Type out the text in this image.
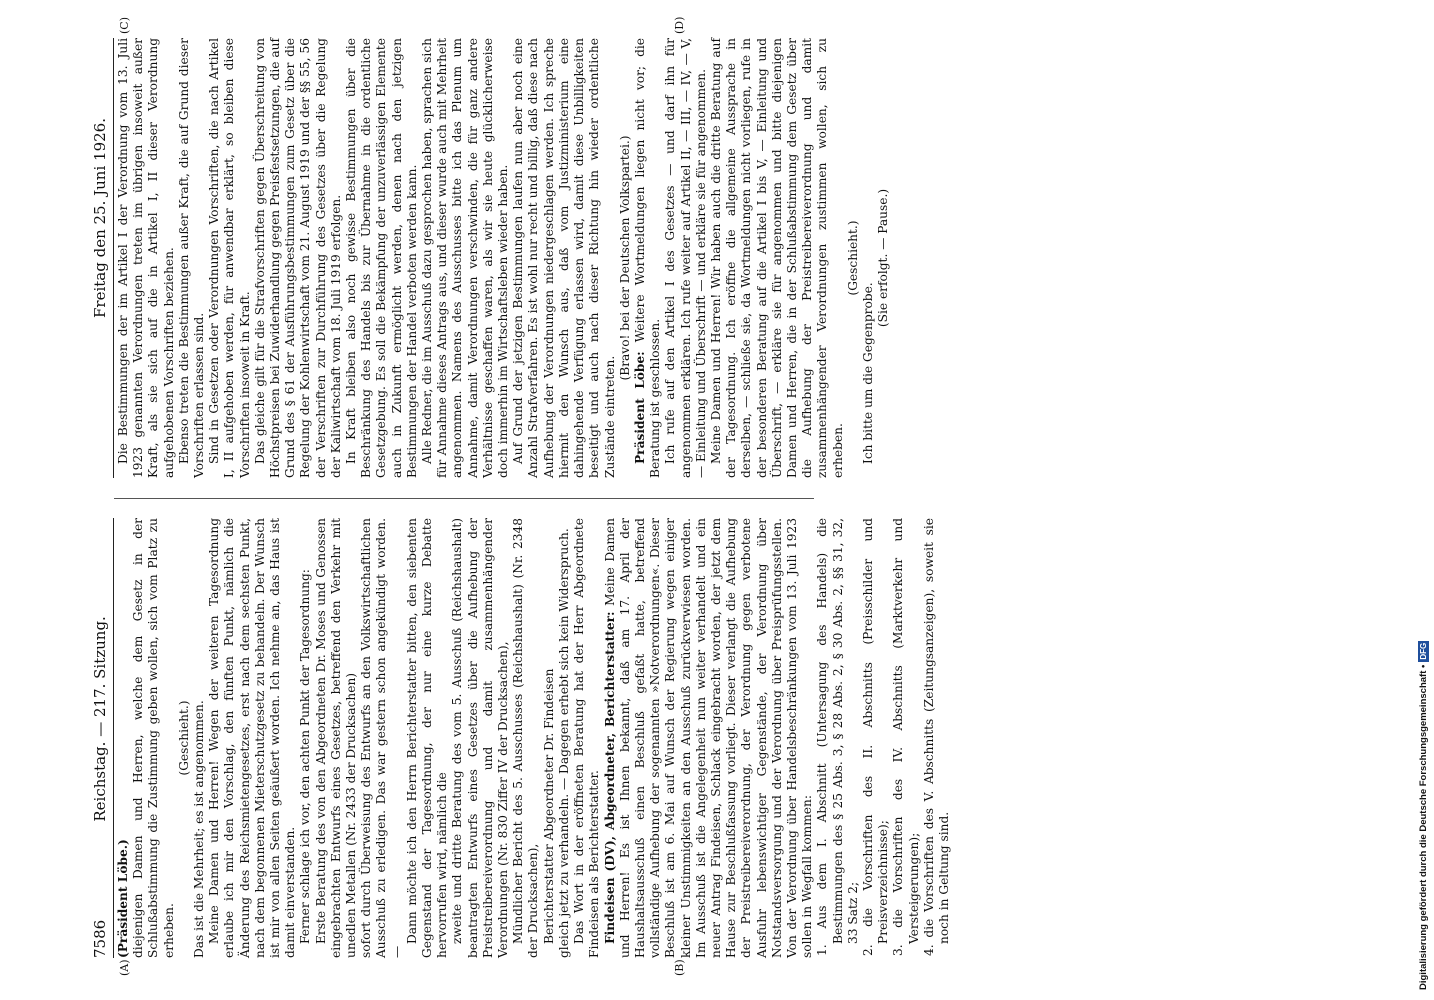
7586
Reichstag. — 217. Sitzung.
Freitag den 25. Juni 1926.
(A)	(B)
(C)	(D)

(Präsident Löbe.) diejenigen Damen und Herren, welche dem Gesetz in der Schlußabstimmung die Zustimmung geben wollen, sich vom Platz zu erheben.

(Geschieht.) Das ist die Mehrheit; es ist angenommen. Meine Damen und Herren! Wegen der weiteren Tagesordnung erlaube ich mir den Vorschlag, den fünften Punkt, nämlich die Änderung des Reichsmietengesetzes, erst nach dem sechsten Punkt, nach dem begonnenen Mieterschutzgesetz zu behandeln. Der Wunsch ist mir von allen Seiten geäußert worden. Ich nehme an, das Haus ist damit einverstanden. Ferner schlage ich vor, den achten Punkt der Tagesordnung: Erste Beratung des von den Abgeordneten Dr. Moses und Genossen eingebrachten Entwurfs eines Gesetzes, betreffend den Verkehr mit unedlen Metallen (Nr. 2433 der Drucksachen) sofort durch Überweisung des Entwurfs an den Volkswirtschaftlichen Ausschuß zu erledigen. Das war gestern schon angekündigt worden. —

Dann möchte ich den Herrn Berichterstatter bitten, den siebenten Gegenstand der Tagesordnung, der nur eine kurze Debatte hervorrufen wird, nämlich die zweite und dritte Beratung des vom 5. Ausschuß (Reichshaushalt) beantragten Entwurfs eines Gesetzes über die Aufhebung der Preistreibereiverordnung und damit zusammenhängender Verordnungen (Nr. 830 Ziffer IV der Drucksachen), Mündlicher Bericht des 5. Ausschusses (Reichshaushalt) (Nr. 2348 der Drucksachen), Berichterstatter Abgeordneter Dr. Findeisen gleich jetzt zu verhandeln. — Dagegen erhebt sich kein Widerspruch. Das Wort in der eröffneten Beratung hat der Herr Abgeordnete Findeisen als Berichterstatter. Findeisen (DV), Abgeordneter, Berichterstatter: Meine Damen und Herren! Es ist Ihnen bekannt, daß am 17. April der Haushaltsausschuß einen Beschluß gefaßt hatte, betreffend vollständige Aufhebung der sogenannten »Notverordnungen«. Dieser Beschluß ist am 6. Mai auf Wunsch der Regierung wegen einiger kleiner Unstimmigkeiten an den Ausschuß zurückverwiesen worden. Im Ausschuß ist die Angelegenheit nun weiter verhandelt und ein neuer Antrag Findeisen, Schlack eingebracht worden, der jetzt dem Hause zur Beschlußfassung vorliegt. Dieser verlangt die Aufhebung der Preistreibereiverordnung, der Verordnung gegen verbotene Ausfuhr lebenswichtiger Gegenstände, der Verordnung über Notstandsversorgung und der Verordnung über Preisprüfungsstellen. Von der Verordnung über Handelsbeschränkungen vom 13. Juli 1923 sollen in Wegfall kommen: 1. Aus dem I. Abschnitt (Untersagung des Handels) die Bestimmungen des § 25 Abs. 3, § 28 Abs. 2, § 30 Abs. 2, §§ 31, 32, 33 Satz 2; 2. die Vorschriften des II. Abschnitts (Preisschilder und Preisverzeichnisse); 3. die Vorschriften des IV. Abschnitts (Marktverkehr und Versteigerungen); 4. die Vorschriften des V. Abschnitts (Zeitungsanzeigen), soweit sie noch in Geltung sind.

Die Bestimmungen der im Artikel I der Verordnung vom 13. Juli 1923 genannten Verordnungen treten im übrigen insoweit außer Kraft, als sie sich auf die in Artikel I, II dieser Verordnung aufgehobenen Vorschriften beziehen. Ebenso treten die Bestimmungen außer Kraft, die auf Grund dieser Vorschriften erlassen sind. Sind in Gesetzen oder Verordnungen Vorschriften, die nach Artikel I, II aufgehoben werden, für anwendbar erklärt, so bleiben diese Vorschriften insoweit in Kraft. Das gleiche gilt für die Strafvorschriften gegen Überschreitung von Höchstpreisen bei Zuwiderhandlung gegen Preisfestsetzungen, die auf Grund des § 61 der Ausführungsbestimmungen zum Gesetz über die Regelung der Kohlenwirtschaft vom 21. August 1919 und der §§ 55, 56 der Verschriften zur Durchführung des Gesetzes über die Regelung der Kaliwirtschaft vom 18. Juli 1919 erfolgen. In Kraft bleiben also noch gewisse Bestimmungen über die Beschränkung des Handels bis zur Übernahme in die ordentliche Gesetzgebung. Es soll die Bekämpfung der unzuverlässigen Elemente auch in Zukunft ermöglicht werden, denen nach den jetzigen Bestimmungen der Handel verboten werden kann. Alle Redner, die im Ausschuß dazu gesprochen haben, sprachen sich für Annahme dieses Antrags aus, und dieser wurde auch mit Mehrheit angenommen. Namens des Ausschusses bitte ich das Plenum um Annahme, damit Verordnungen verschwinden, die für ganz andere Verhältnisse geschaffen waren, als wir sie heute glücklicherweise doch immerhin im Wirtschaftsleben wieder haben. Auf Grund der jetzigen Bestimmungen laufen nun aber noch eine Anzahl Strafverfahren. Es ist wohl nur recht und billig, daß diese nach Aufhebung der Verordnungen niedergeschlagen werden. Ich spreche hiermit den Wunsch aus, daß vom Justizministerium eine dahingehende Verfügung erlassen wird, damit diese Unbilligkeiten beseitigt und auch nach dieser Richtung hin wieder ordentliche Zustände eintreten.

(Bravo! bei der Deutschen Volkspartei.)

Präsident Löbe: Weitere Wortmeldungen liegen nicht vor; die Beratung ist geschlossen. Ich rufe auf den Artikel I des Gesetzes — und darf ihn für angenommen erklären. Ich rufe weiter auf Artikel II, — III, — IV, — V, — Einleitung und Überschrift — und erkläre sie für angenommen. Meine Damen und Herren! Wir haben auch die dritte Beratung auf der Tagesordnung. Ich eröffne die allgemeine Aussprache in derselben, — schließe sie, da Wortmeldungen nicht vorliegen, rufe in der besonderen Beratung auf die Artikel I bis V, — Einleitung und Überschrift, — erkläre sie für angenommen und bitte diejenigen Damen und Herren, die in der Schlußabstimmung dem Gesetz über die Aufhebung der Preistreibereiverordnung und damit zusammenhängender Verordnungen zustimmen wollen, sich zu erheben.

(Geschieht.)

Ich bitte um die Gegenprobe.

(Sie erfolgt. — Pause.)

Digitalisierung gefördert durch die Deutsche Forschungsgemeinschaft •
DFG
